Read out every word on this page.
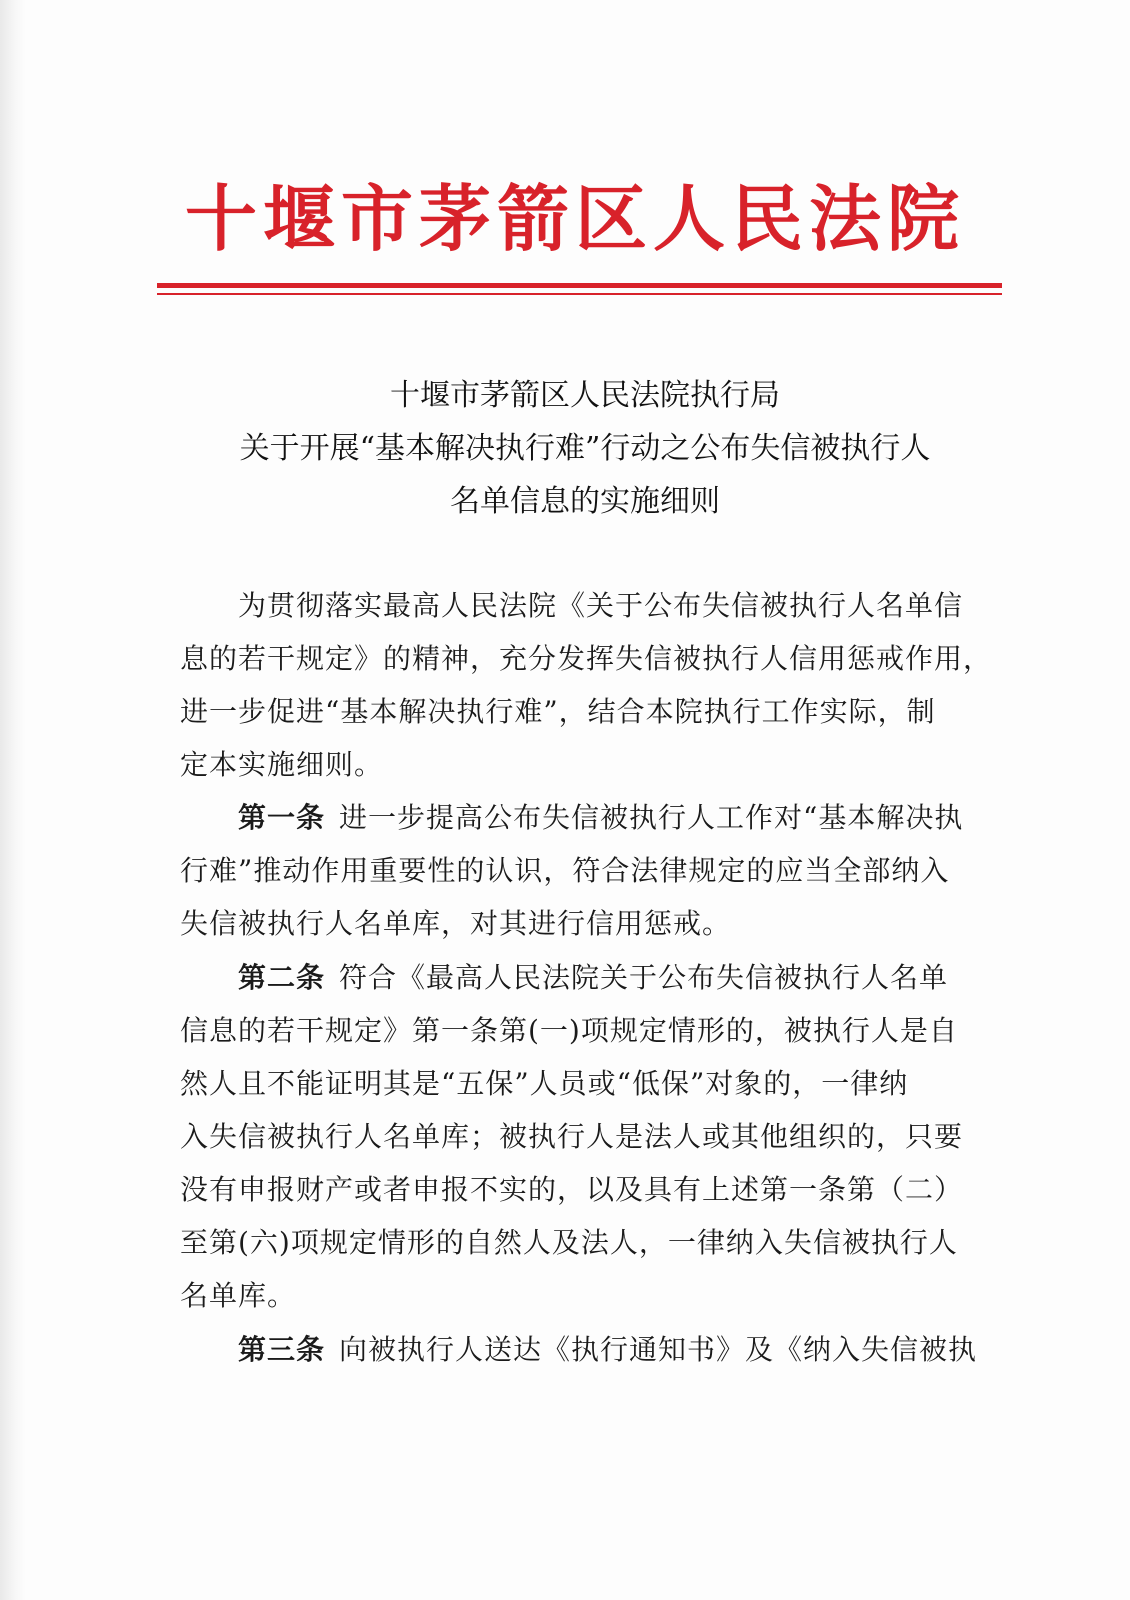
十堰市茅箭区人民法院
十堰市茅箭区人民法院执行局
关于开展“基本解决执行难”行动之公布失信被执行人
名单信息的实施细则
为贯彻落实最高人民法院《关于公布失信被执行人名单信
息的若干规定》的精神，充分发挥失信被执行人信用惩戒作用，
进一步促进“基本解决执行难”，结合本院执行工作实际，制
定本实施细则。
第一条 进一步提高公布失信被执行人工作对“基本解决执
行难”推动作用重要性的认识，符合法律规定的应当全部纳入
失信被执行人名单库，对其进行信用惩戒。
第二条 符合《最高人民法院关于公布失信被执行人名单
信息的若干规定》第一条第(一)项规定情形的，被执行人是自
然人且不能证明其是“五保”人员或“低保”对象的，一律纳
入失信被执行人名单库；被执行人是法人或其他组织的，只要
没有申报财产或者申报不实的，以及具有上述第一条第（二）
至第(六)项规定情形的自然人及法人，一律纳入失信被执行人
名单库。
第三条 向被执行人送达《执行通知书》及《纳入失信被执
